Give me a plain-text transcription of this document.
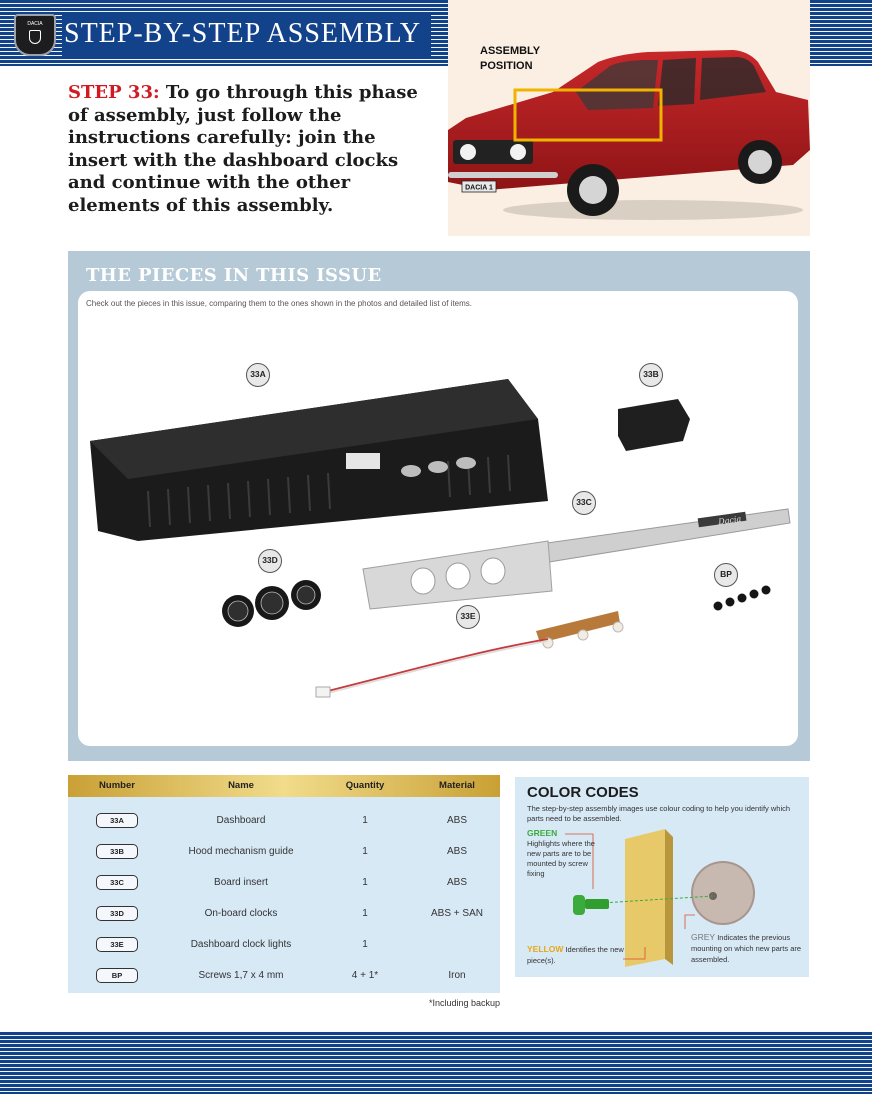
DACIA STEP-BY-STEP ASSEMBLY
DACIA 1
ASSEMBLY POSITION
STEP 33: To go through this phase of assembly, just follow the instructions carefully: join the insert with the dashboard clocks and continue with the other elements of this assembly.
THE PIECES IN THIS ISSUE
Check out the pieces in this issue, comparing them to the ones shown in the photos and detailed list of items.
Dacia
33A	33B
33C
33D
33E
BP
Number	Name	Quantity	Material
33A	Dashboard	1	ABS
33B	Hood mechanism guide	1	ABS
33C	Board insert	1	ABS
33D	On-board clocks	1	ABS + SAN
33E	Dashboard clock lights	1
BP	Screws 1,7 x 4 mm	4 + 1*	Iron
*Including backup
COLOR CODES
The step-by-step assembly images use colour coding to help you identify which parts need to be assembled.
GREEN
Highlights where the new parts are to be mounted by screw fixing
YELLOW Identifies the new piece(s).
GREY Indicates the previous mounting on which new parts are assembled.
